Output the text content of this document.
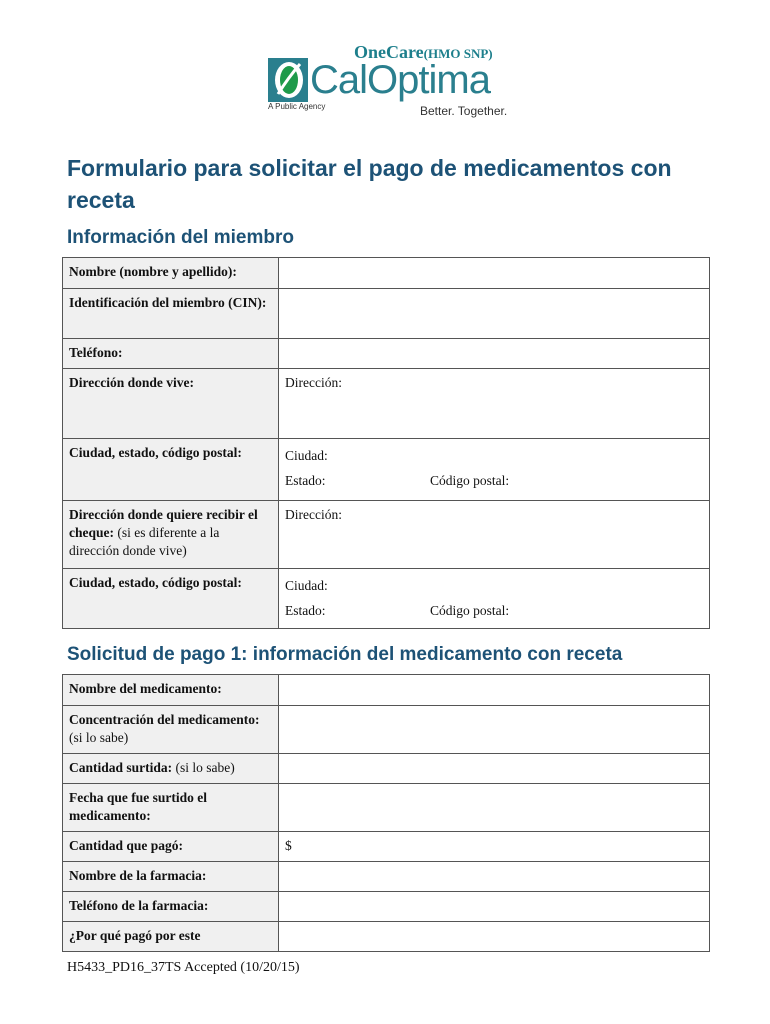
OneCare(HMO SNP)
CalOptima
A Public Agency	Better. Together.
Formulario para solicitar el pago de medicamentos con receta
Información del miembro
Nombre (nombre y apellido):	
Identificación del miembro (CIN):	
Teléfono:	
Dirección donde vive:	Dirección:
Ciudad, estado, código postal:	Ciudad:
Estado: Código postal:

Dirección donde quiere recibir el cheque: (si es diferente a la dirección donde vive)	Dirección:
Ciudad, estado, código postal:	Ciudad:
Estado: Código postal:
Solicitud de pago 1: información del medicamento con receta
Nombre del medicamento:	
Concentración del medicamento: (si lo sabe)	
Cantidad surtida: (si lo sabe)	
Fecha que fue surtido el medicamento:	
Cantidad que pagó:	$
Nombre de la farmacia:	
Teléfono de la farmacia:	
¿Por qué pagó por este	
H5433_PD16_37TS Accepted (10/20/15)
